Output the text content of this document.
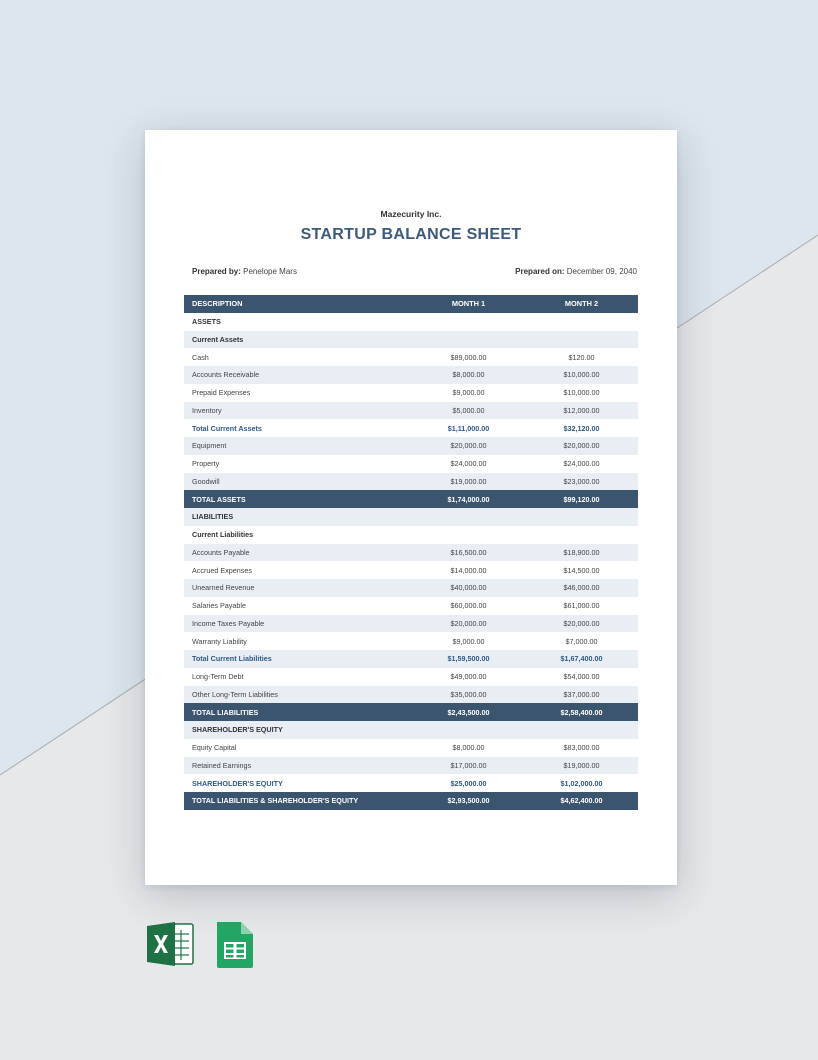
Mazecurity Inc.
STARTUP BALANCE SHEET
Prepared by: Penelope Mars	Prepared on: December 09, 2040
DESCRIPTION	MONTH 1	MONTH 2
ASSETS		
Current Assets		
Cash	$89,000.00	$120.00
Accounts Receivable	$8,000.00	$10,000.00
Prepaid Expenses	$9,000.00	$10,000.00
Inventory	$5,000.00	$12,000.00
Total Current Assets	$1,11,000.00	$32,120.00
Equipment	$20,000.00	$20,000.00
Property	$24,000.00	$24,000.00
Goodwill	$19,000.00	$23,000.00
TOTAL ASSETS	$1,74,000.00	$99,120.00
LIABILITIES		
Current Liabilities		
Accounts Payable	$16,500.00	$18,900.00
Accrued Expenses	$14,000.00	$14,500.00
Unearned Revenue	$40,000.00	$46,000.00
Salaries Payable	$60,000.00	$61,000.00
Income Taxes Payable	$20,000.00	$20,000.00
Warranty Liability	$9,000.00	$7,000.00
Total Current Liabilities	$1,59,500.00	$1,67,400.00
Long-Term Debt	$49,000.00	$54,000.00
Other Long-Term Liabilities	$35,000.00	$37,000.00
TOTAL LIABILITIES	$2,43,500.00	$2,58,400.00
SHAREHOLDER'S EQUITY		
Equity Capital	$8,000.00	$83,000.00
Retained Earnings	$17,000.00	$19,000.00
SHAREHOLDER'S EQUITY	$25,000.00	$1,02,000.00
TOTAL LIABILITIES & SHAREHOLDER'S EQUITY	$2,93,500.00	$4,62,400.00
